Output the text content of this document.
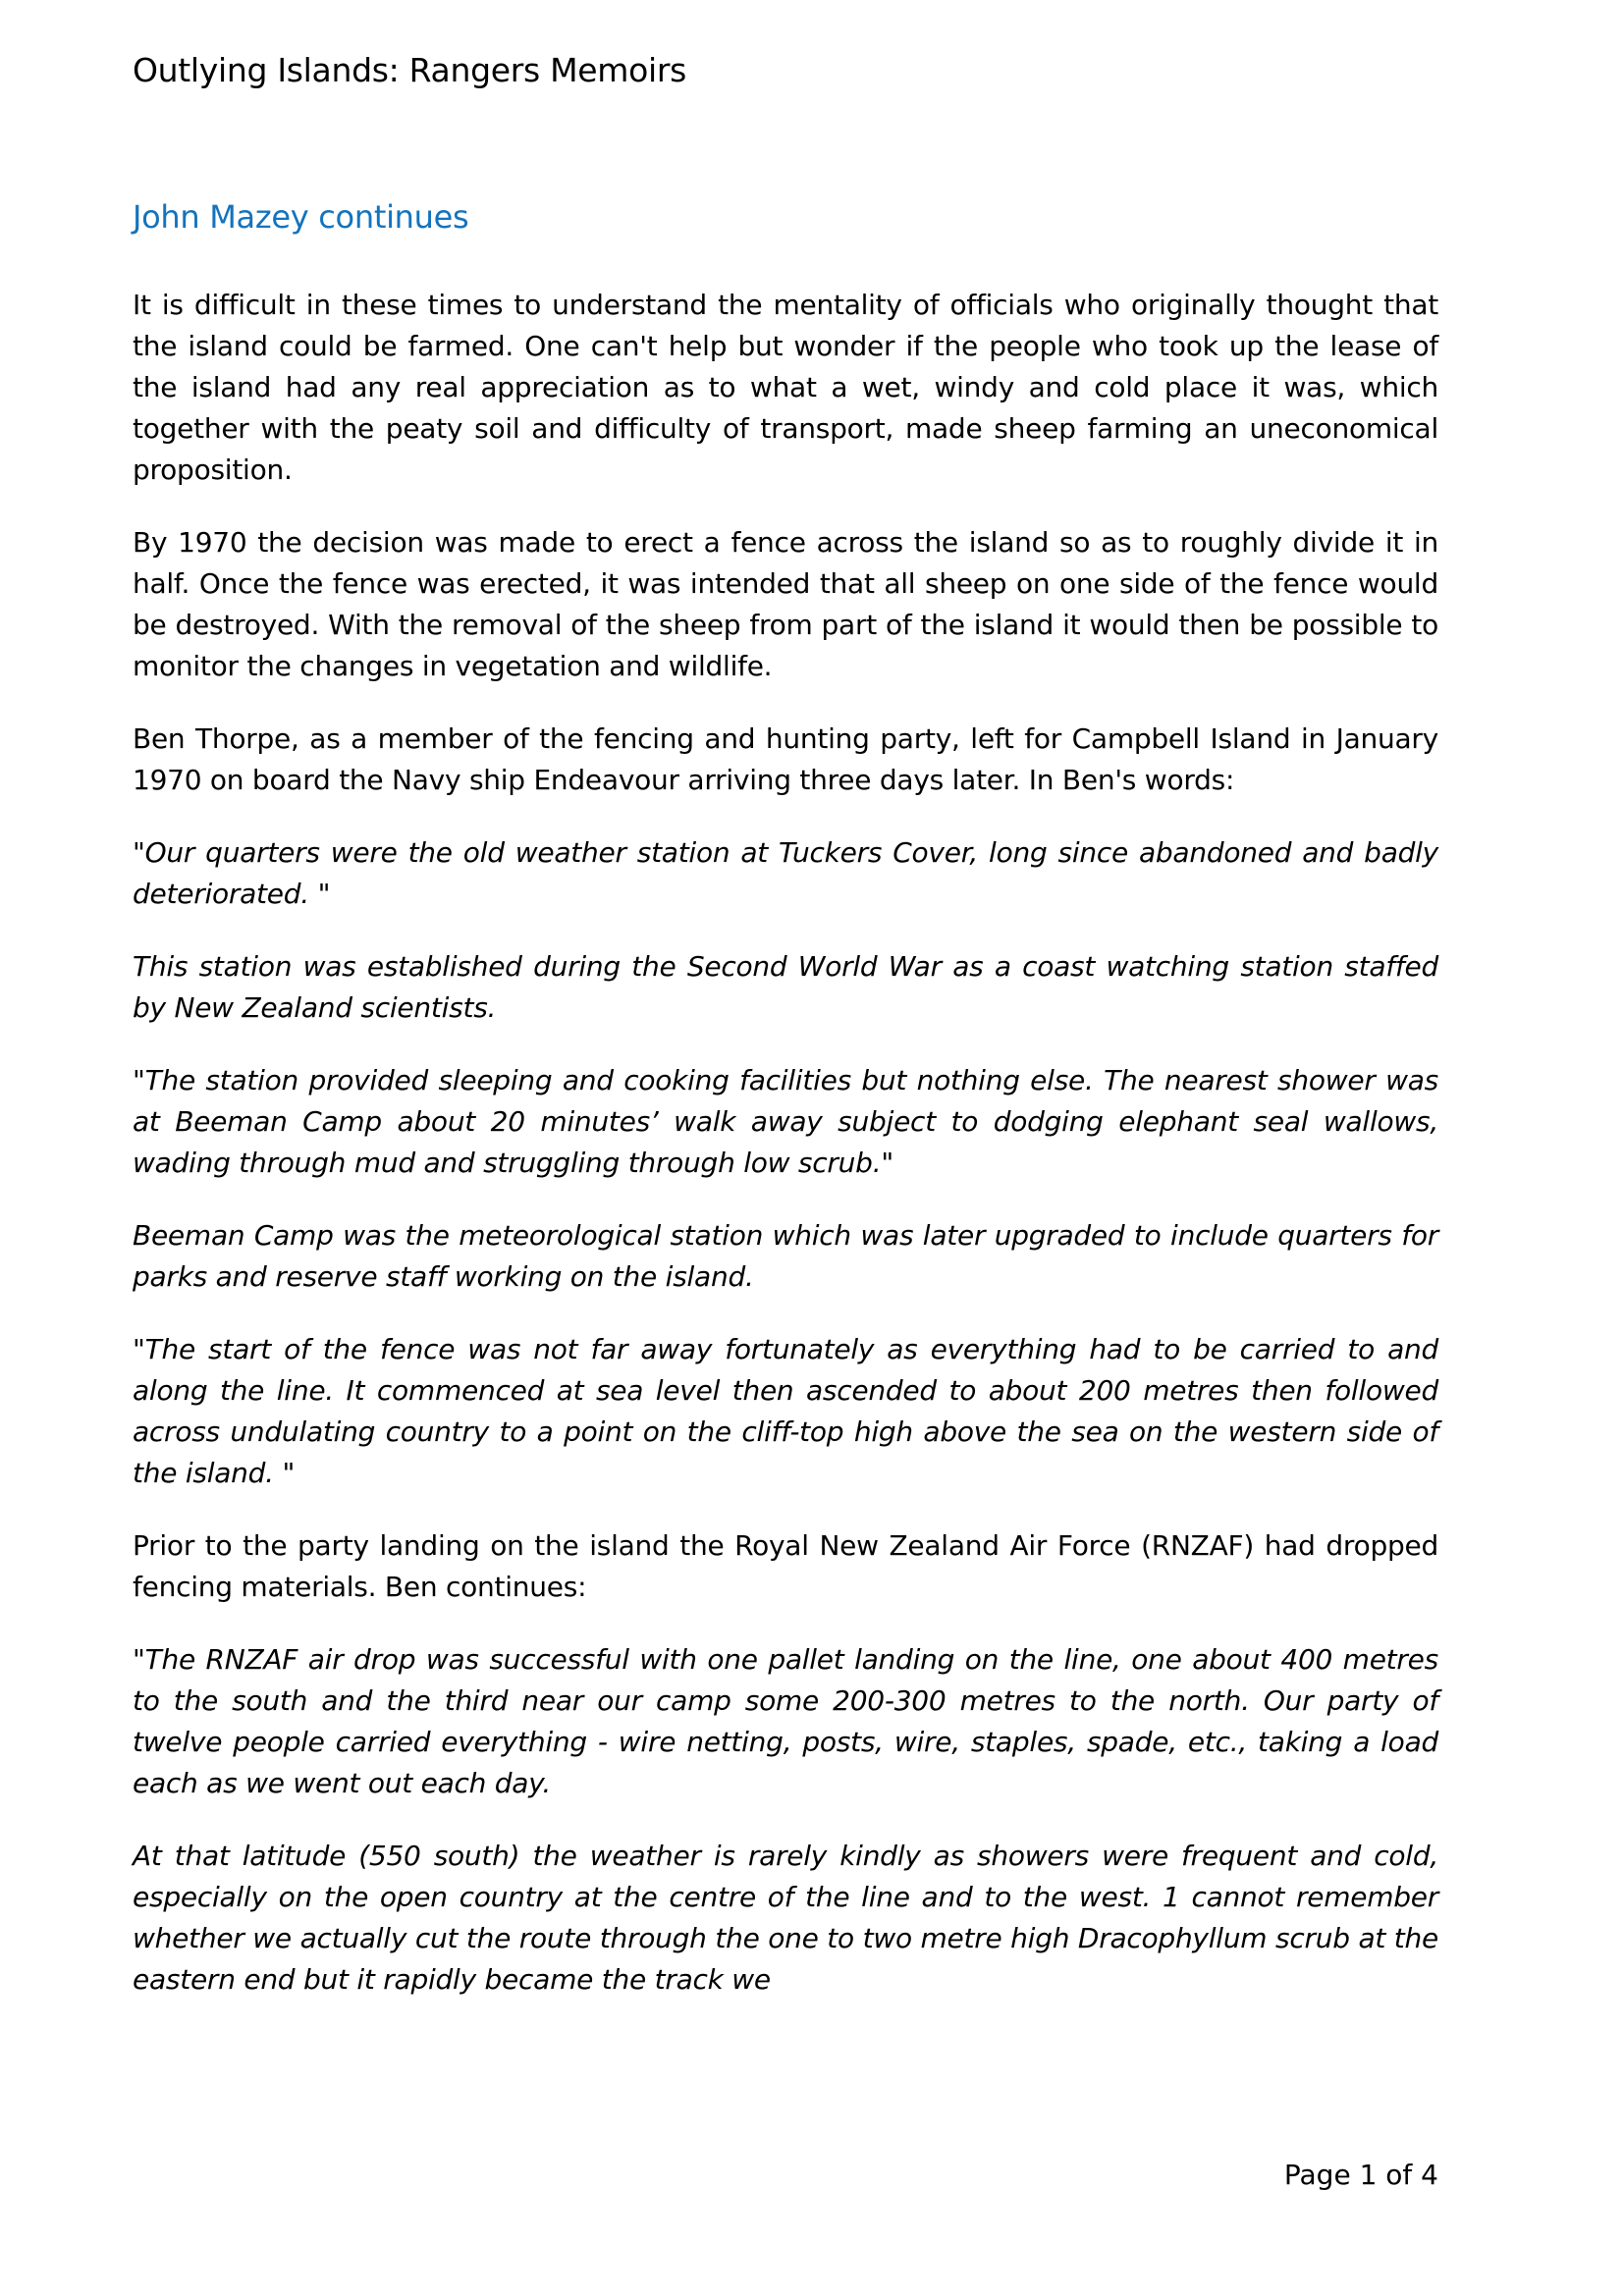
Outlying Islands: Rangers Memoirs
John Mazey continues

It is difficult in these times to understand the mentality of officials who originally thought that the island could be farmed. One can't help but wonder if the people who took up the lease of the island had any real appreciation as to what a wet, windy and cold place it was, which together with the peaty soil and difficulty of transport, made sheep farming an uneconomical proposition.

By 1970 the decision was made to erect a fence across the island so as to roughly divide it in half. Once the fence was erected, it was intended that all sheep on one side of the fence would be destroyed. With the removal of the sheep from part of the island it would then be possible to monitor the changes in vegetation and wildlife.

Ben Thorpe, as a member of the fencing and hunting party, left for Campbell Island in January 1970 on board the Navy ship Endeavour arriving three days later. In Ben's words:

"Our quarters were the old weather station at Tuckers Cover, long since abandoned and badly deteriorated. "

This station was established during the Second World War as a coast watching station staffed by New Zealand scientists.

"The station provided sleeping and cooking facilities but nothing else. The nearest shower was at Beeman Camp about 20 minutes’ walk away subject to dodging elephant seal wallows, wading through mud and struggling through low scrub."

Beeman Camp was the meteorological station which was later upgraded to include quarters for parks and reserve staff working on the island.

"The start of the fence was not far away fortunately as everything had to be carried to and along the line. It commenced at sea level then ascended to about 200 metres then followed across undulating country to a point on the cliff-top high above the sea on the western side of the island. "

Prior to the party landing on the island the Royal New Zealand Air Force (RNZAF) had dropped fencing materials. Ben continues:

"The RNZAF air drop was successful with one pallet landing on the line, one about 400 metres to the south and the third near our camp some 200-300 metres to the north. Our party of twelve people carried everything - wire netting, posts, wire, staples, spade, etc., taking a load each as we went out each day.

At that latitude (550 south) the weather is rarely kindly as showers were frequent and cold, especially on the open country at the centre of the line and to the west. 1 cannot remember whether we actually cut the route through the one to two metre high Dracophyllum scrub at the eastern end but it rapidly became the track we

Page 1 of 4
